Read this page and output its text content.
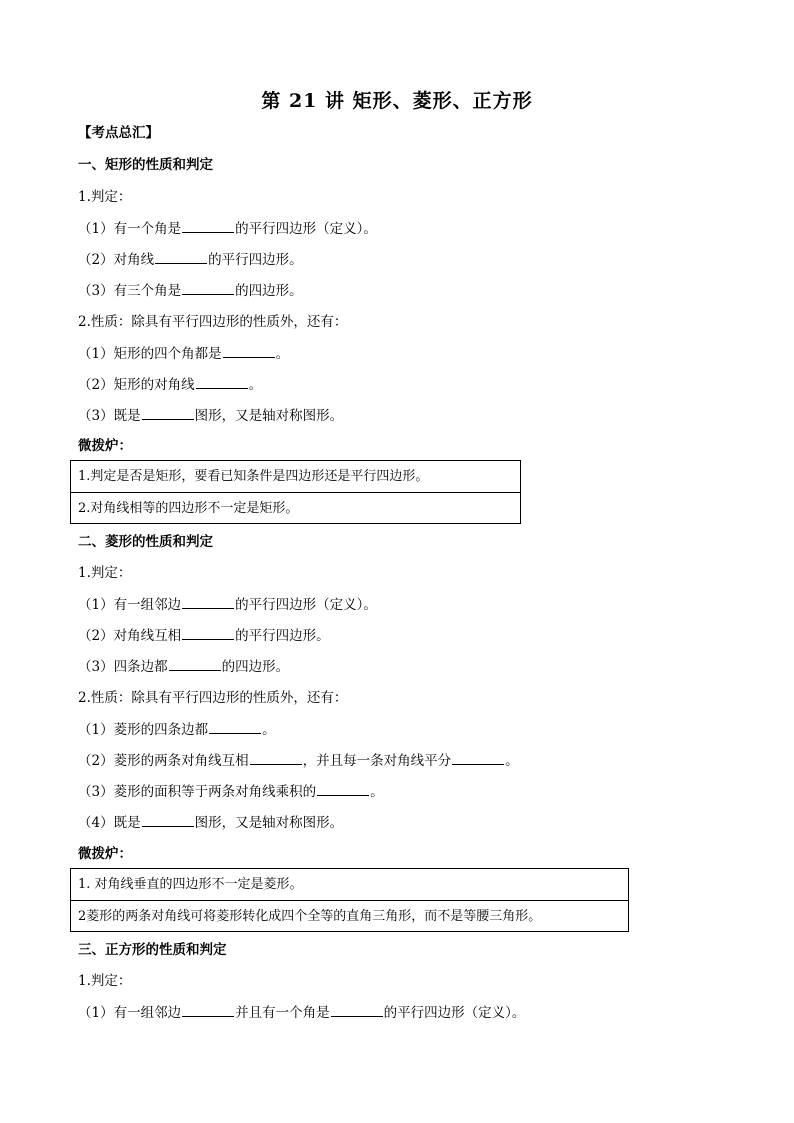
第 21 讲 矩形、菱形、正方形
【考点总汇】
一、矩形的性质和判定
1.判定：
（1）有一个角是	的平行四边形（定义）。
（2）对角线	的平行四边形。
（3）有三个角是	的四边形。
2.性质：除具有平行四边形的性质外，还有：
（1）矩形的四个角都是	。
（2）矩形的对角线	。
（3）既是	图形，又是轴对称图形。
微拨炉：
1.判定是否是矩形，要看已知条件是四边形还是平行四边形。
2.对角线相等的四边形不一定是矩形。
二、菱形的性质和判定
1.判定：
（1）有一组邻边	的平行四边形（定义）。
（2）对角线互相	的平行四边形。
（3）四条边都	的四边形。
2.性质：除具有平行四边形的性质外，还有：
（1）菱形的四条边都	。
（2）菱形的两条对角线互相	，并且每一条对角线平分	。
（3）菱形的面积等于两条对角线乘积的	。
（4）既是	图形，又是轴对称图形。
微拨炉：
1. 对角线垂直的四边形不一定是菱形。
2菱形的两条对角线可将菱形转化成四个全等的直角三角形，而不是等腰三角形。
三、正方形的性质和判定
1.判定：
（1）有一组邻边	并且有一个角是	的平行四边形（定义）。
